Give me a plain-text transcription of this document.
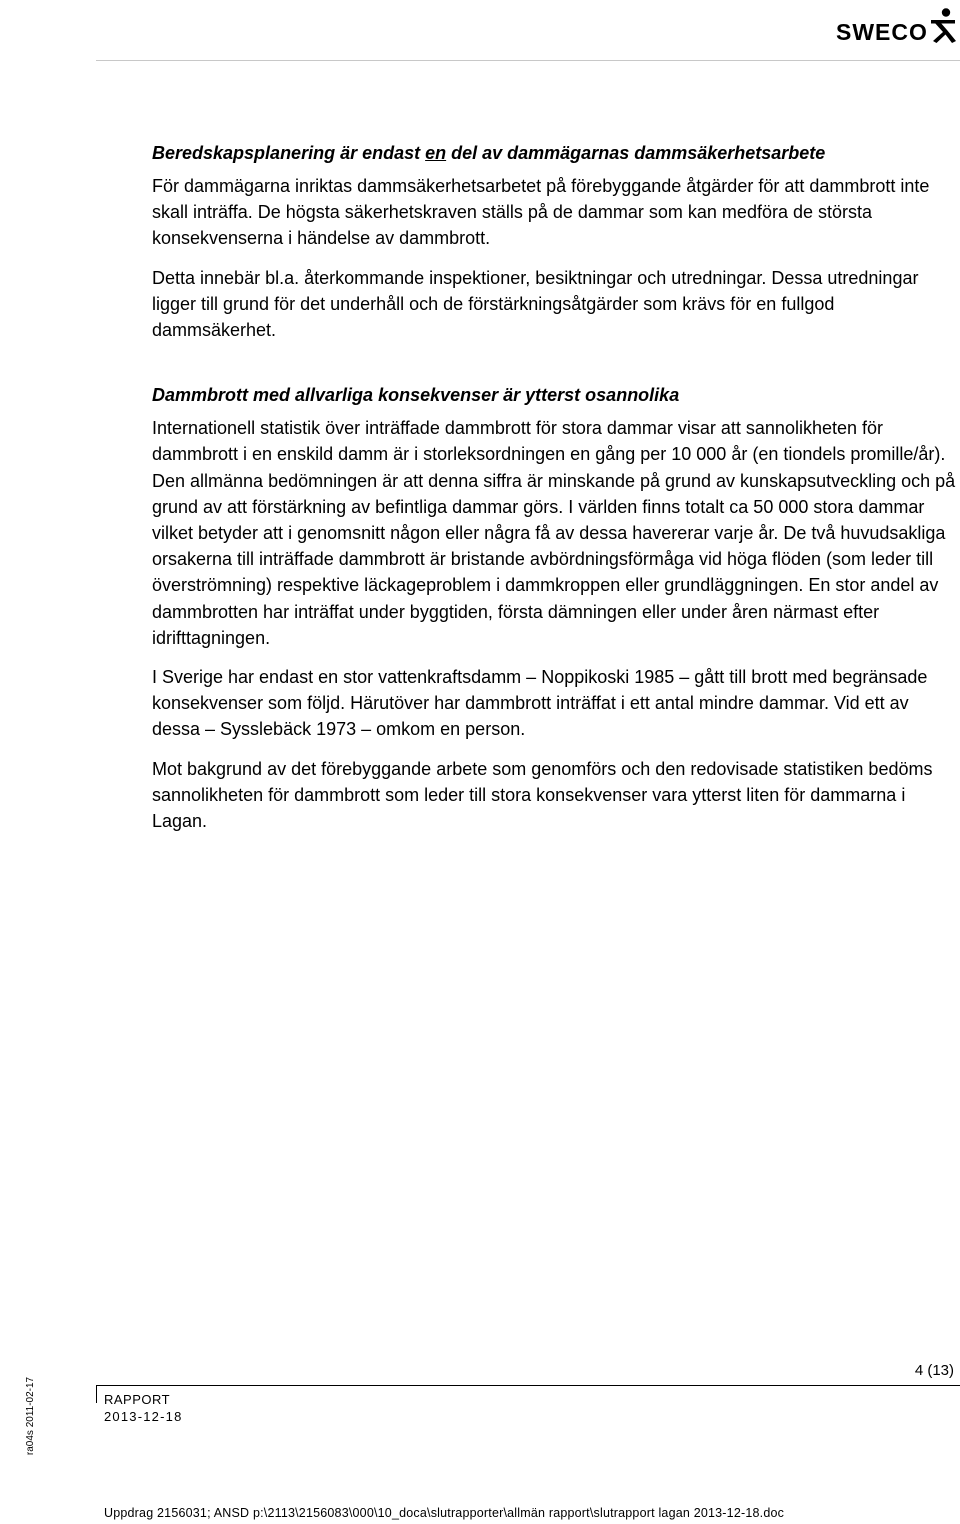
SWECO

Beredskapsplanering är endast en del av dammägarnas dammsäkerhetsarbete

För dammägarna inriktas dammsäkerhetsarbetet på förebyggande åtgärder för att dammbrott inte skall inträffa. De högsta säkerhetskraven ställs på de dammar som kan medföra de största konsekvenserna i händelse av dammbrott.

Detta innebär bl.a. återkommande inspektioner, besiktningar och utredningar. Dessa utredningar ligger till grund för det underhåll och de förstärkningsåtgärder som krävs för en fullgod dammsäkerhet.

Dammbrott med allvarliga konsekvenser är ytterst osannolika

Internationell statistik över inträffade dammbrott för stora dammar visar att sannolikheten för dammbrott i en enskild damm är i storleksordningen en gång per 10 000 år (en tiondels promille/år). Den allmänna bedömningen är att denna siffra är minskande på grund av kunskapsutveckling och på grund av att förstärkning av befintliga dammar görs. I världen finns totalt ca 50 000 stora dammar vilket betyder att i genomsnitt någon eller några få av dessa havererar varje år. De två huvudsakliga orsakerna till inträffade dammbrott är bristande avbördningsförmåga vid höga flöden (som leder till överströmning) respektive läckageproblem i dammkroppen eller grundläggningen. En stor andel av dammbrotten har inträffat under byggtiden, första dämningen eller under åren närmast efter idrifttagningen.

I Sverige har endast en stor vattenkraftsdamm – Noppikoski 1985 – gått till brott med begränsade konsekvenser som följd. Härutöver har dammbrott inträffat i ett antal mindre dammar. Vid ett av dessa – Sysslebäck 1973 – omkom en person.

Mot bakgrund av det förebyggande arbete som genomförs och den redovisade statistiken bedöms sannolikheten för dammbrott som leder till stora konsekvenser vara ytterst liten för dammarna i Lagan.

4 (13)
RAPPORT
2013-12-18
ra04s 2011-02-17
Uppdrag 2156031; ANSD p:\2113\2156083\000\10_doca\slutrapporter\allmän rapport\slutrapport lagan 2013-12-18.doc
